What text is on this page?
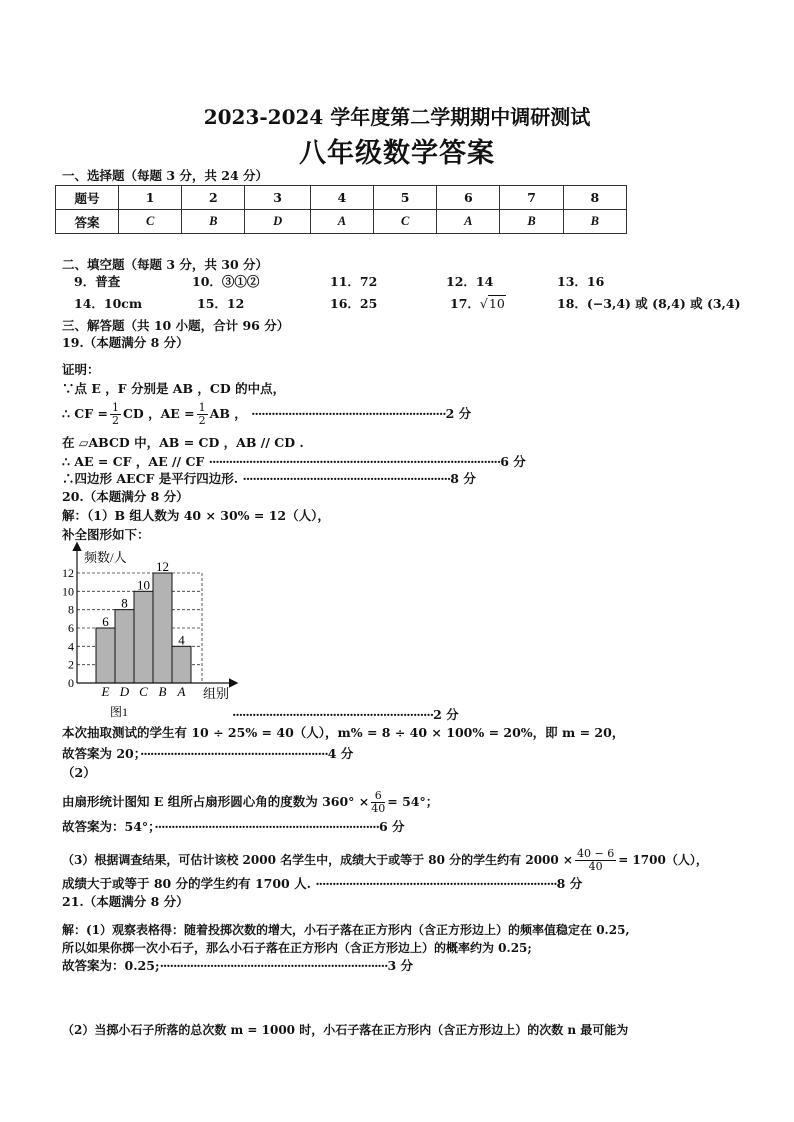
2023-2024 学年度第二学期期中调研测试
八年级数学答案
一、选择题（每题 3 分，共 24 分）
题号	1	2	3	4	5	6	7	8
答案	C	B	D	A	C	A	B	B
二、填空题（每题 3 分，共 30 分）
9．普查	10．③①②	11．72	12．14	13．16
14．10cm	15．12	16．25	17．√10	18．(−3,4) 或 (8,4) 或 (3,4)
三、解答题（共 10 小题，合计 96 分）
19.（本题满分 8 分）
证明：
∵点 E ，F 分别是 AB ，CD 的中点，
∴ CF = $\frac{1}{2}$ CD ，AE = $\frac{1}{2}$ AB ， ··························································2 分
在 ▱ABCD 中，AB = CD ，AB // CD .
∴ AE = CF ，AE // CF ·······················································································6 分
∴四边形 AECF 是平行四边形. ······························································8 分
20.（本题满分 8 分）
解：（1）B 组人数为 40 × 30% = 12（人），
补全图形如下：
频数/人
组别
图1
0
2
4
6
8
10
12
E D C B A
6
8
10
12
4
····························································2 分
本次抽取测试的学生有 10 ÷ 25% = 40（人），m% = 8 ÷ 40 × 100% = 20%，即 m = 20，
故答案为 20；························································4 分
（2）
由扇形统计图知 E 组所占扇形圆心角的度数为 $360^\circ \times \frac{6}{40} = 54^\circ$；
故答案为：54°；···································································6 分
（3）根据调查结果，可估计该校 2000 名学生中，成绩大于或等于 80 分的学生约有 $2000 \times \frac{40 - 6}{40} = 1700$（人），
成绩大于或等于 80 分的学生约有 1700 人. ········································································8 分
21.（本题满分 8 分）
解：(1）观察表格得：随着投掷次数的增大，小石子落在正方形内（含正方形边上）的频率值稳定在 0.25,
所以如果你掷一次小石子，那么小石子落在正方形内（含正方形边上）的概率约为 0.25;
故答案为：0.25;····································································3 分
（2）当掷小石子所落的总次数 m = 1000 时，小石子落在正方形内（含正方形边上）的次数 n 最可能为
